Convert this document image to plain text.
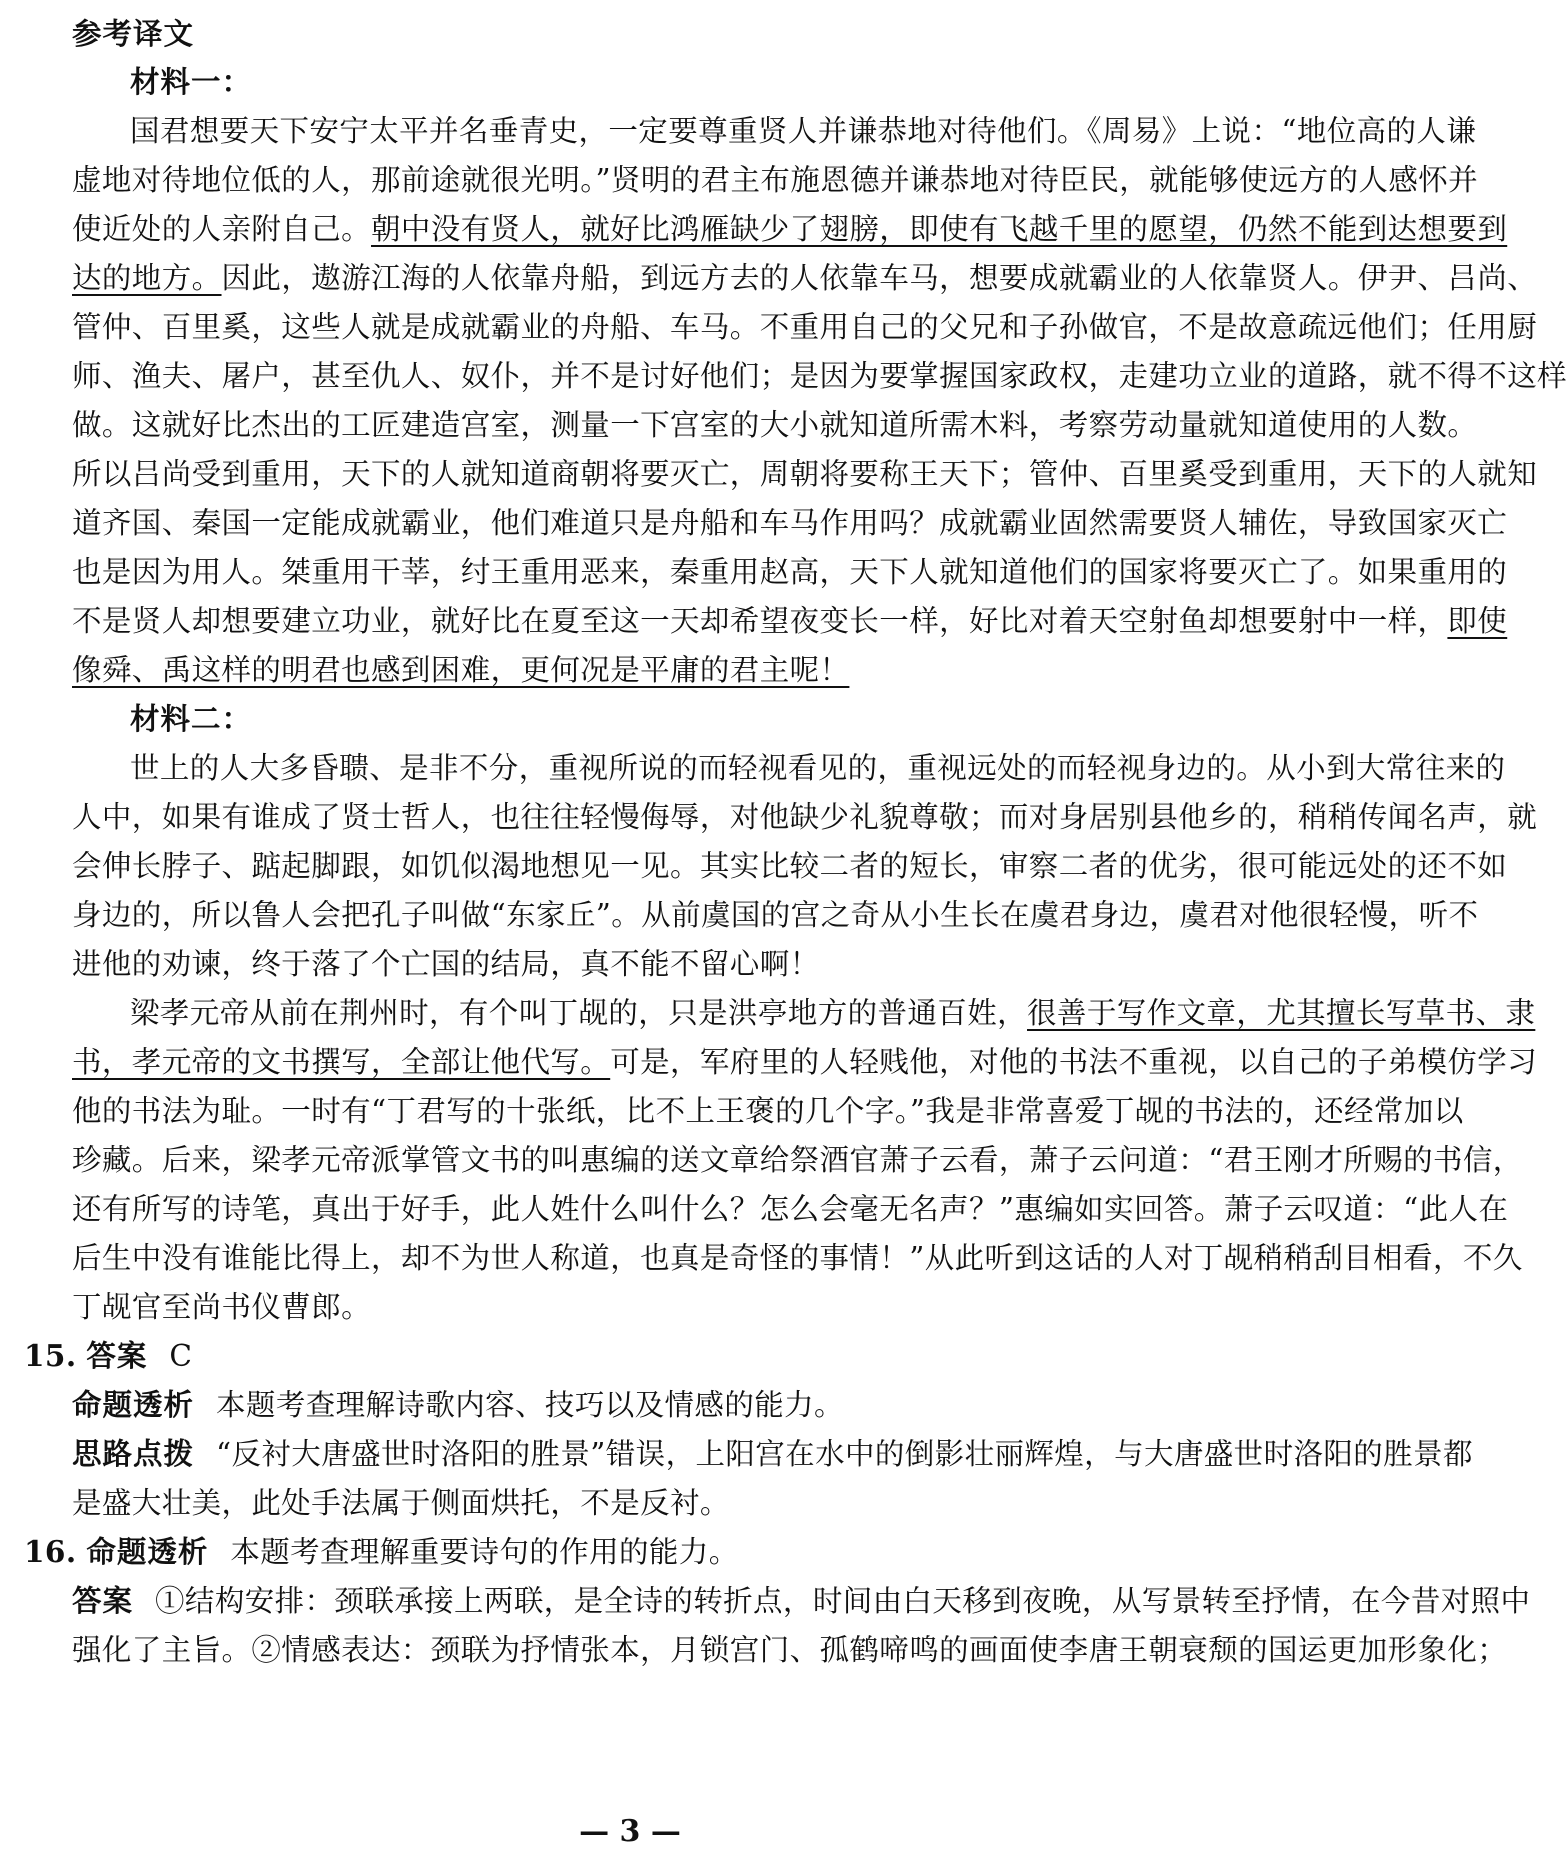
参考译文
材料一：
国君想要天下安宁太平并名垂青史，一定要尊重贤人并谦恭地对待他们。《周易》上说：“地位高的人谦
虚地对待地位低的人，那前途就很光明。”贤明的君主布施恩德并谦恭地对待臣民，就能够使远方的人感怀并
使近处的人亲附自己。朝中没有贤人，就好比鸿雁缺少了翅膀，即使有飞越千里的愿望，仍然不能到达想要到
达的地方。因此，遨游江海的人依靠舟船，到远方去的人依靠车马，想要成就霸业的人依靠贤人。伊尹、吕尚、
管仲、百里奚，这些人就是成就霸业的舟船、车马。不重用自己的父兄和子孙做官，不是故意疏远他们；任用厨
师、渔夫、屠户，甚至仇人、奴仆，并不是讨好他们；是因为要掌握国家政权，走建功立业的道路，就不得不这样
做。这就好比杰出的工匠建造宫室，测量一下宫室的大小就知道所需木料，考察劳动量就知道使用的人数。
所以吕尚受到重用，天下的人就知道商朝将要灭亡，周朝将要称王天下；管仲、百里奚受到重用，天下的人就知
道齐国、秦国一定能成就霸业，他们难道只是舟船和车马作用吗？成就霸业固然需要贤人辅佐，导致国家灭亡
也是因为用人。桀重用干莘，纣王重用恶来，秦重用赵高，天下人就知道他们的国家将要灭亡了。如果重用的
不是贤人却想要建立功业，就好比在夏至这一天却希望夜变长一样，好比对着天空射鱼却想要射中一样，即使
像舜、禹这样的明君也感到困难，更何况是平庸的君主呢！
材料二：
世上的人大多昏聩、是非不分，重视所说的而轻视看见的，重视远处的而轻视身边的。从小到大常往来的
人中，如果有谁成了贤士哲人，也往往轻慢侮辱，对他缺少礼貌尊敬；而对身居别县他乡的，稍稍传闻名声，就
会伸长脖子、踮起脚跟，如饥似渴地想见一见。其实比较二者的短长，审察二者的优劣，很可能远处的还不如
身边的，所以鲁人会把孔子叫做“东家丘”。从前虞国的宫之奇从小生长在虞君身边，虞君对他很轻慢，听不
进他的劝谏，终于落了个亡国的结局，真不能不留心啊！
梁孝元帝从前在荆州时，有个叫丁觇的，只是洪亭地方的普通百姓，很善于写作文章，尤其擅长写草书、隶
书，孝元帝的文书撰写，全部让他代写。可是，军府里的人轻贱他，对他的书法不重视，以自己的子弟模仿学习
他的书法为耻。一时有“丁君写的十张纸，比不上王褒的几个字。”我是非常喜爱丁觇的书法的，还经常加以
珍藏。后来，梁孝元帝派掌管文书的叫惠编的送文章给祭酒官萧子云看，萧子云问道：“君王刚才所赐的书信，
还有所写的诗笔，真出于好手，此人姓什么叫什么？怎么会毫无名声？”惠编如实回答。萧子云叹道：“此人在
后生中没有谁能比得上，却不为世人称道，也真是奇怪的事情！”从此听到这话的人对丁觇稍稍刮目相看，不久
丁觇官至尚书仪曹郎。
15. 答案 C
命题透析 本题考查理解诗歌内容、技巧以及情感的能力。
思路点拨 “反衬大唐盛世时洛阳的胜景”错误，上阳宫在水中的倒影壮丽辉煌，与大唐盛世时洛阳的胜景都
是盛大壮美，此处手法属于侧面烘托，不是反衬。
16. 命题透析 本题考查理解重要诗句的作用的能力。
答案 ①结构安排：颈联承接上两联，是全诗的转折点，时间由白天移到夜晚，从写景转至抒情，在今昔对照中
强化了主旨。②情感表达：颈联为抒情张本，月锁宫门、孤鹤啼鸣的画面使李唐王朝衰颓的国运更加形象化；
— 3 —
